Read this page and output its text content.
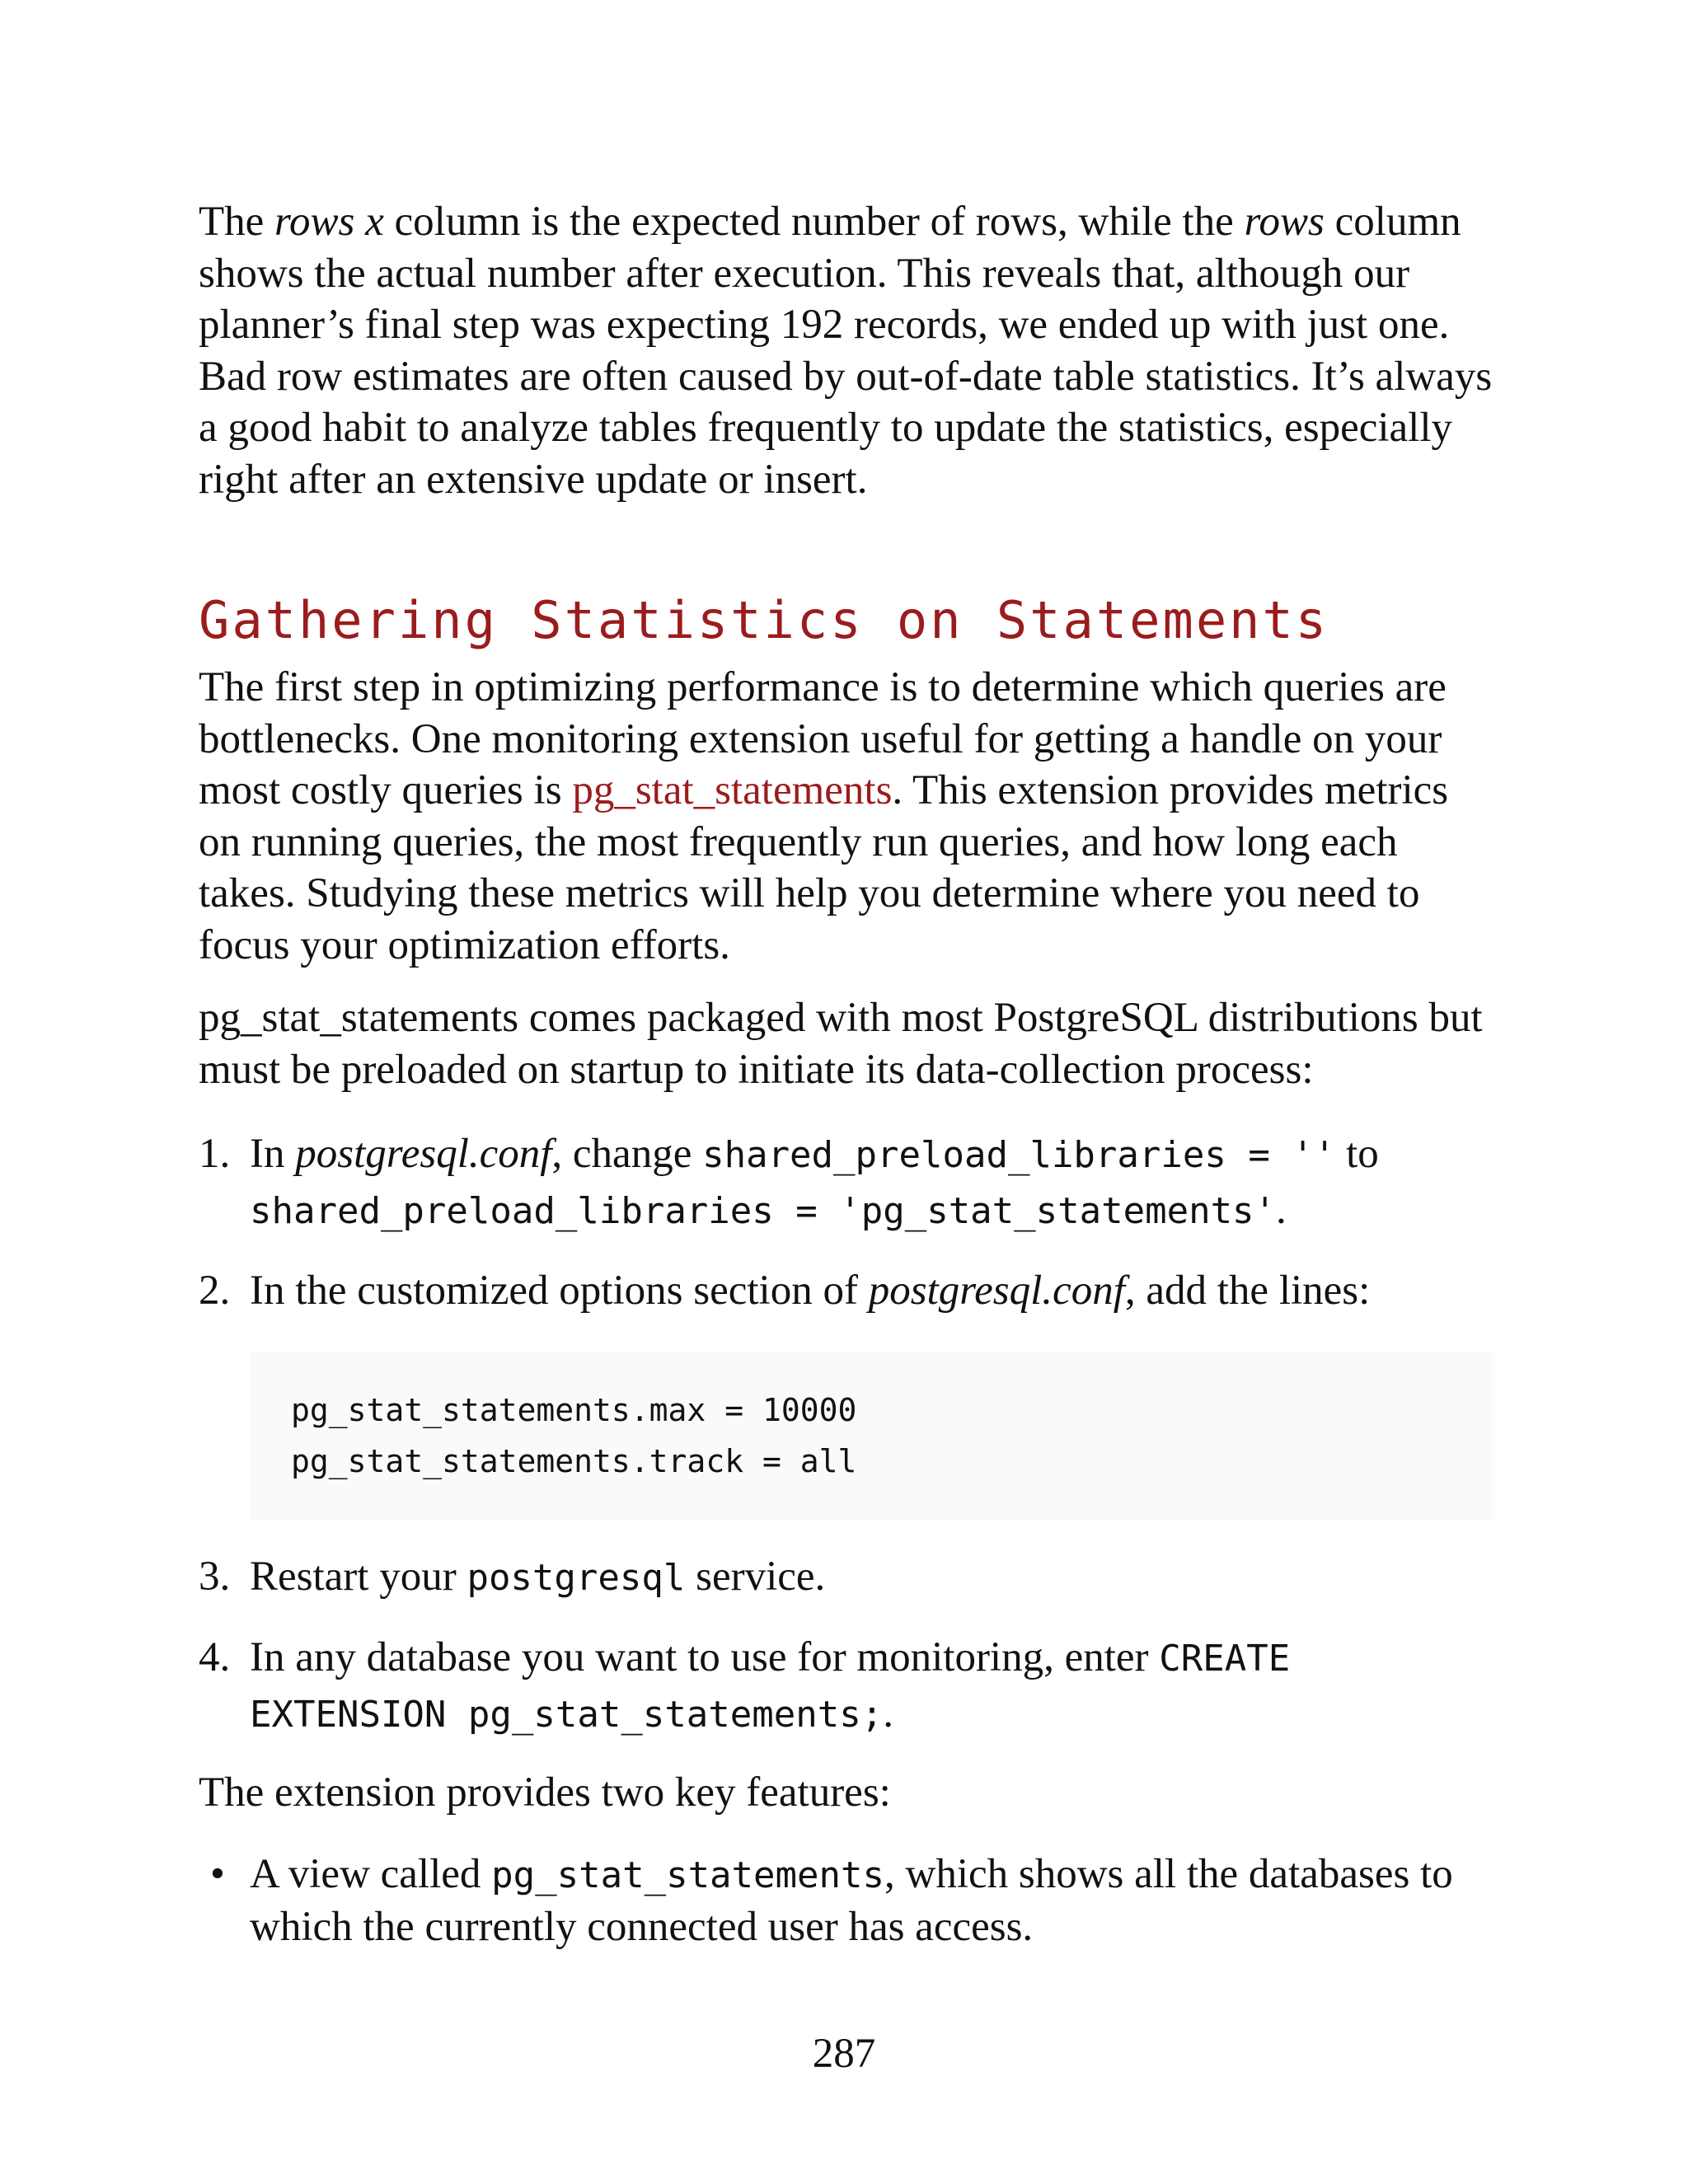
The rows x column is the expected number of rows, while the rows column shows the actual number after execution. This reveals that, although our planner’s final step was expecting 192 records, we ended up with just one. Bad row estimates are often caused by out-of-date table statistics. It’s always a good habit to analyze tables frequently to update the statistics, especially right after an extensive update or insert.

Gathering Statistics on Statements

The first step in optimizing performance is to determine which queries are bottlenecks. One monitoring extension useful for getting a handle on your most costly queries is pg_stat_statements. This extension provides metrics on running queries, the most frequently run queries, and how long each takes. Studying these metrics will help you determine where you need to focus your optimization efforts.

pg_stat_statements comes packaged with most PostgreSQL distributions but must be preloaded on startup to initiate its data-collection process:

1. In postgresql.conf, change shared_preload_libraries = '' to
shared_preload_libraries = 'pg_stat_statements'.
2. In the customized options section of postgresql.conf, add the lines:
pg_stat_statements.max = 10000
pg_stat_statements.track = all
3. Restart your postgresql service.
4. In any database you want to use for monitoring, enter CREATE EXTENSION pg_stat_statements;.

The extension provides two key features:

• A view called pg_stat_statements, which shows all the databases to which the currently connected user has access.
287
